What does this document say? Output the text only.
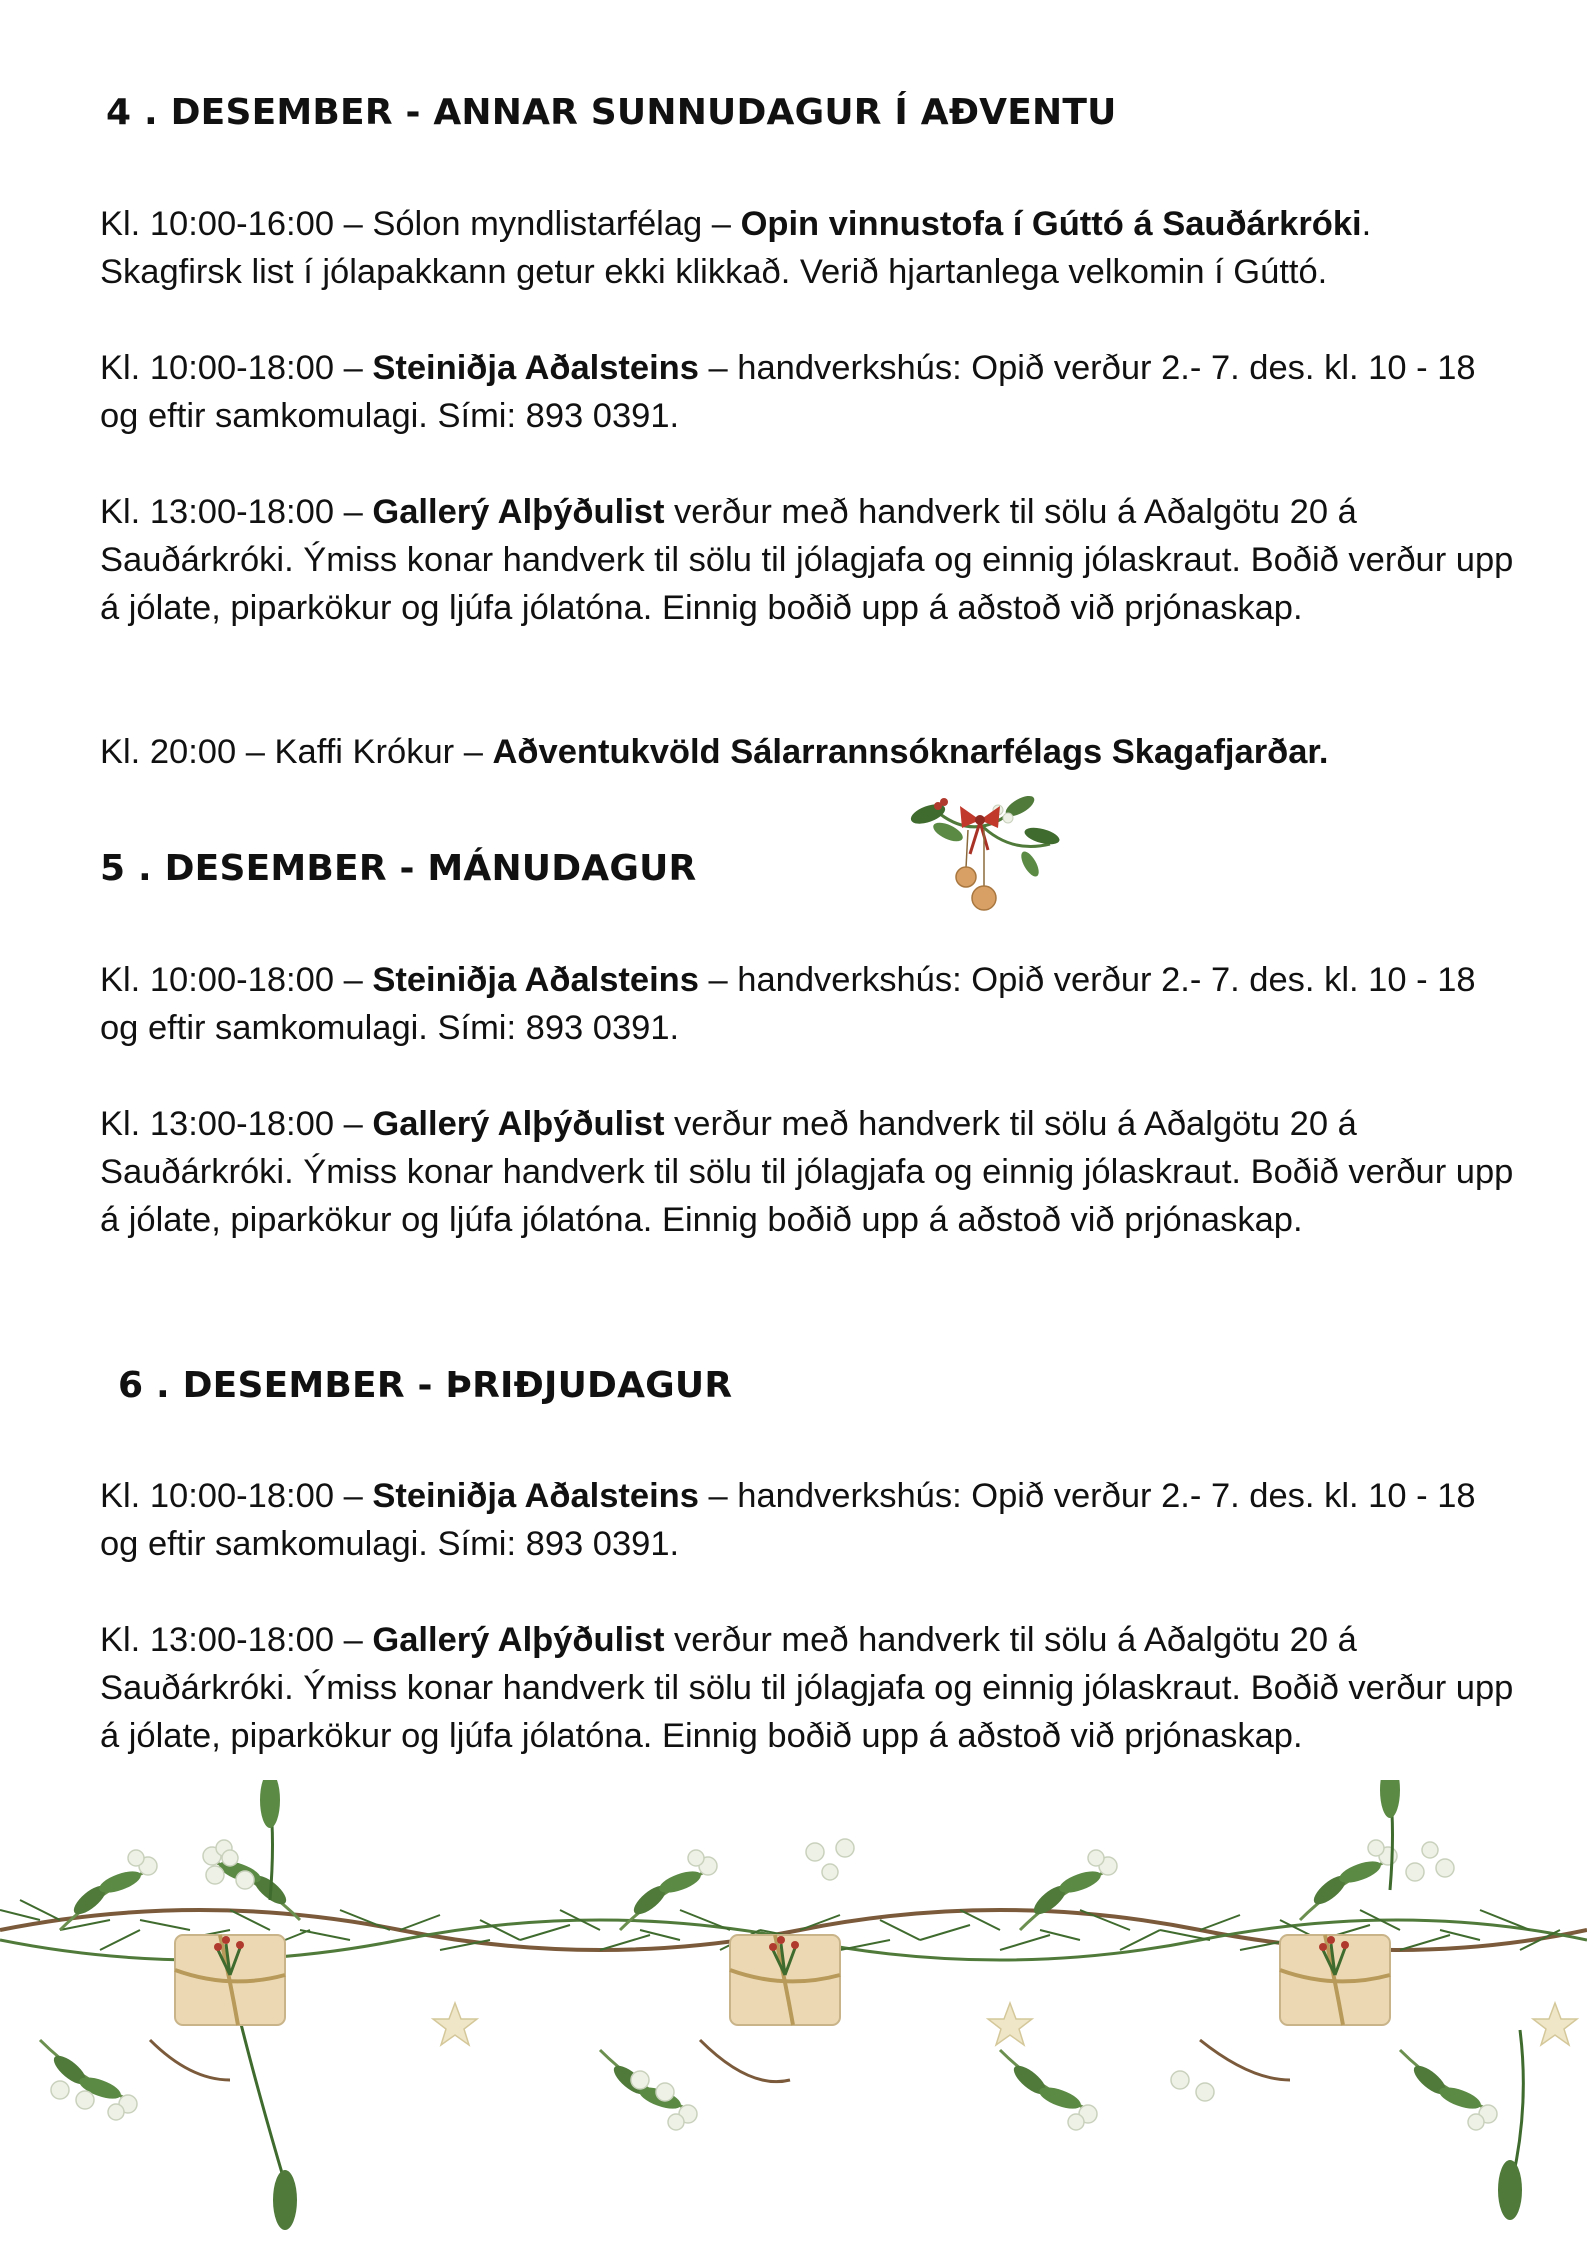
4 . DESEMBER - ANNAR SUNNUDAGUR Í AÐVENTU

Kl. 10:00-16:00 – Sólon myndlistarfélag – Opin vinnustofa í Gúttó á Sauðárkróki. Skagfirsk list í jólapakkann getur ekki klikkað. Verið hjartanlega velkomin í Gúttó.

Kl. 10:00-18:00 – Steiniðja Aðalsteins – handverkshús: Opið verður 2.- 7. des. kl. 10 - 18 og eftir samkomulagi. Sími: 893 0391.

Kl. 13:00-18:00 – Gallerý Alþýðulist verður með handverk til sölu á Aðalgötu 20 á Sauðárkróki. Ýmiss konar handverk til sölu til jólagjafa og einnig jólaskraut. Boðið verður upp á jólate, piparkökur og ljúfa jólatóna. Einnig boðið upp á aðstoð við prjónaskap.

Kl. 20:00 – Kaffi Krókur – Aðventukvöld Sálarrannsóknarfélags Skagafjarðar.

5 . DESEMBER - MÁNUDAGUR

Kl. 10:00-18:00 – Steiniðja Aðalsteins – handverkshús: Opið verður 2.- 7. des. kl. 10 - 18 og eftir samkomulagi. Sími: 893 0391.

Kl. 13:00-18:00 – Gallerý Alþýðulist verður með handverk til sölu á Aðalgötu 20 á Sauðárkróki. Ýmiss konar handverk til sölu til jólagjafa og einnig jólaskraut. Boðið verður upp á jólate, piparkökur og ljúfa jólatóna. Einnig boðið upp á aðstoð við prjónaskap.

6 . DESEMBER - ÞRIÐJUDAGUR

Kl. 10:00-18:00 – Steiniðja Aðalsteins – handverkshús: Opið verður 2.- 7. des. kl. 10 - 18 og eftir samkomulagi. Sími: 893 0391.

Kl. 13:00-18:00 – Gallerý Alþýðulist verður með handverk til sölu á Aðalgötu 20 á Sauðárkróki. Ýmiss konar handverk til sölu til jólagjafa og einnig jólaskraut. Boðið verður upp á jólate, piparkökur og ljúfa jólatóna. Einnig boðið upp á aðstoð við prjónaskap.
